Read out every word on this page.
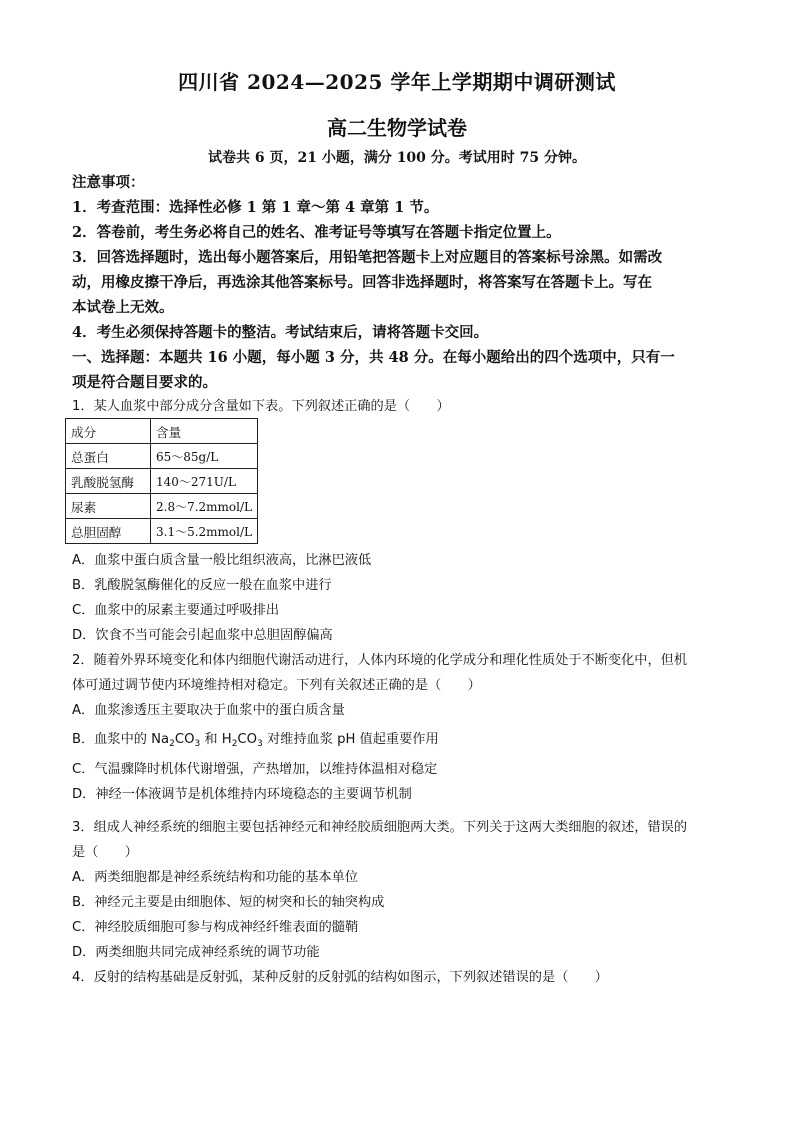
四川省 2024—2025 学年上学期期中调研测试
高二生物学试卷
试卷共 6 页，21 小题，满分 100 分。考试用时 75 分钟。
注意事项：
1．考查范围：选择性必修 1 第 1 章～第 4 章第 1 节。
2．答卷前，考生务必将自己的姓名、准考证号等填写在答题卡指定位置上。
3．回答选择题时，选出每小题答案后，用铅笔把答题卡上对应题目的答案标号涂黑。如需改
动，用橡皮擦干净后，再选涂其他答案标号。回答非选择题时，将答案写在答题卡上。写在
本试卷上无效。
4．考生必须保持答题卡的整洁。考试结束后，请将答题卡交回。
一、选择题：本题共 16 小题，每小题 3 分，共 48 分。在每小题给出的四个选项中，只有一
项是符合题目要求的。
1．某人血浆中部分成分含量如下表。下列叙述正确的是（　　）
成分	含量
总蛋白	65～85g/L
乳酸脱氢酶	140～271U/L
尿素	2.8～7.2mmol/L
总胆固醇	3.1～5.2mmol/L
A．血浆中蛋白质含量一般比组织液高，比淋巴液低
B．乳酸脱氢酶催化的反应一般在血浆中进行
C．血浆中的尿素主要通过呼吸排出
D．饮食不当可能会引起血浆中总胆固醇偏高
2．随着外界环境变化和体内细胞代谢活动进行，人体内环境的化学成分和理化性质处于不断变化中，但机
体可通过调节使内环境维持相对稳定。下列有关叙述正确的是（　　）
A．血浆渗透压主要取决于血浆中的蛋白质含量
B．血浆中的 $Na_2CO_3$ 和 $H_2CO_3$ 对维持血浆 pH 值起重要作用
C．气温骤降时机体代谢增强，产热增加，以维持体温相对稳定
D．神经一体液调节是机体维持内环境稳态的主要调节机制
3．组成人神经系统的细胞主要包括神经元和神经胶质细胞两大类。下列关于这两大类细胞的叙述，错误的
是（　　）
A．两类细胞都是神经系统结构和功能的基本单位
B．神经元主要是由细胞体、短的树突和长的轴突构成
C．神经胶质细胞可参与构成神经纤维表面的髓鞘
D．两类细胞共同完成神经系统的调节功能
4．反射的结构基础是反射弧，某种反射的反射弧的结构如图示，下列叙述错误的是（　　）
